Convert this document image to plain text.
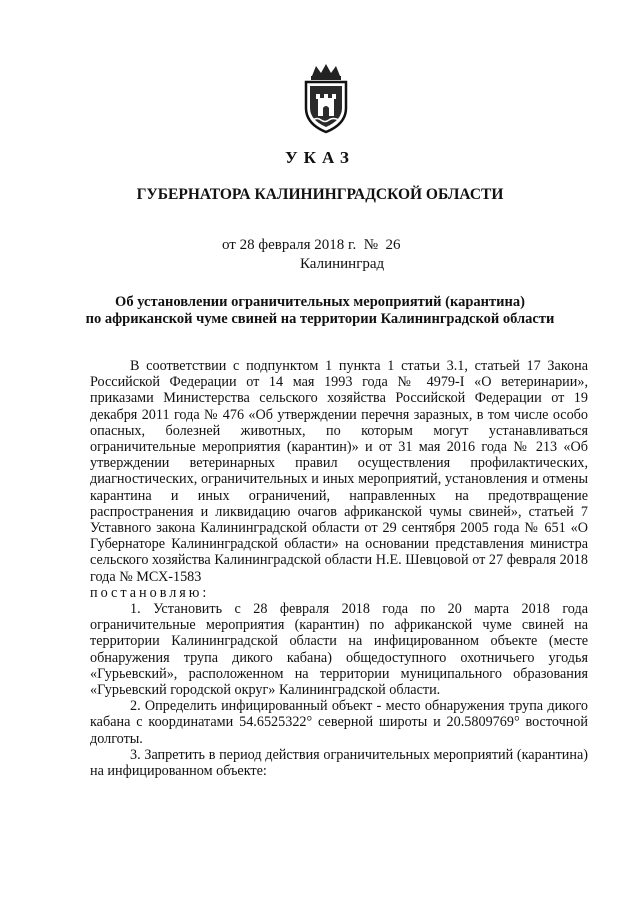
УКАЗ
ГУБЕРНАТОРА КАЛИНИНГРАДСКОЙ ОБЛАСТИ
от 28 февраля 2018 г.  №  26
Калининград
Об установлении ограничительных мероприятий (карантина)
по африканской чуме свиней на территории Калининградской области

В соответствии с подпунктом 1 пункта 1 статьи 3.1, статьей 17 Закона Российской Федерации от 14 мая 1993 года № 4979-I «О ветеринарии», приказами Министерства сельского хозяйства Российской Федерации от 19 декабря 2011 года № 476 «Об утверждении перечня заразных, в том числе особо опасных, болезней животных, по которым могут устанавливаться ограничительные мероприятия (карантин)» и от 31 мая 2016 года № 213 «Об утверждении ветеринарных правил осуществления профилактических, диагностических, ограничительных и иных мероприятий, установления и отмены карантина и иных ограничений, направленных на предотвращение распространения и ликвидацию очагов африканской чумы свиней», статьей 7 Уставного закона Калининградской области от 29 сентября 2005 года № 651 «О Губернаторе Калининградской области» на основании представления министра сельского хозяйства Калининградской области Н.Е. Шевцовой от 27 февраля 2018 года № МСХ-1583

постановляю:

1. Установить с 28 февраля 2018 года по 20 марта 2018 года ограничительные мероприятия (карантин) по африканской чуме свиней на территории Калининградской области на инфицированном объекте (месте обнаружения трупа дикого кабана) общедоступного охотничьего угодья «Гурьевский», расположенном на территории муниципального образования «Гурьевский городской округ» Калининградской области.

2. Определить инфицированный объект - место обнаружения трупа дикого кабана с координатами 54.6525322° северной широты и 20.5809769° восточной долготы.

3. Запретить в период действия ограничительных мероприятий (карантина) на инфицированном объекте:
